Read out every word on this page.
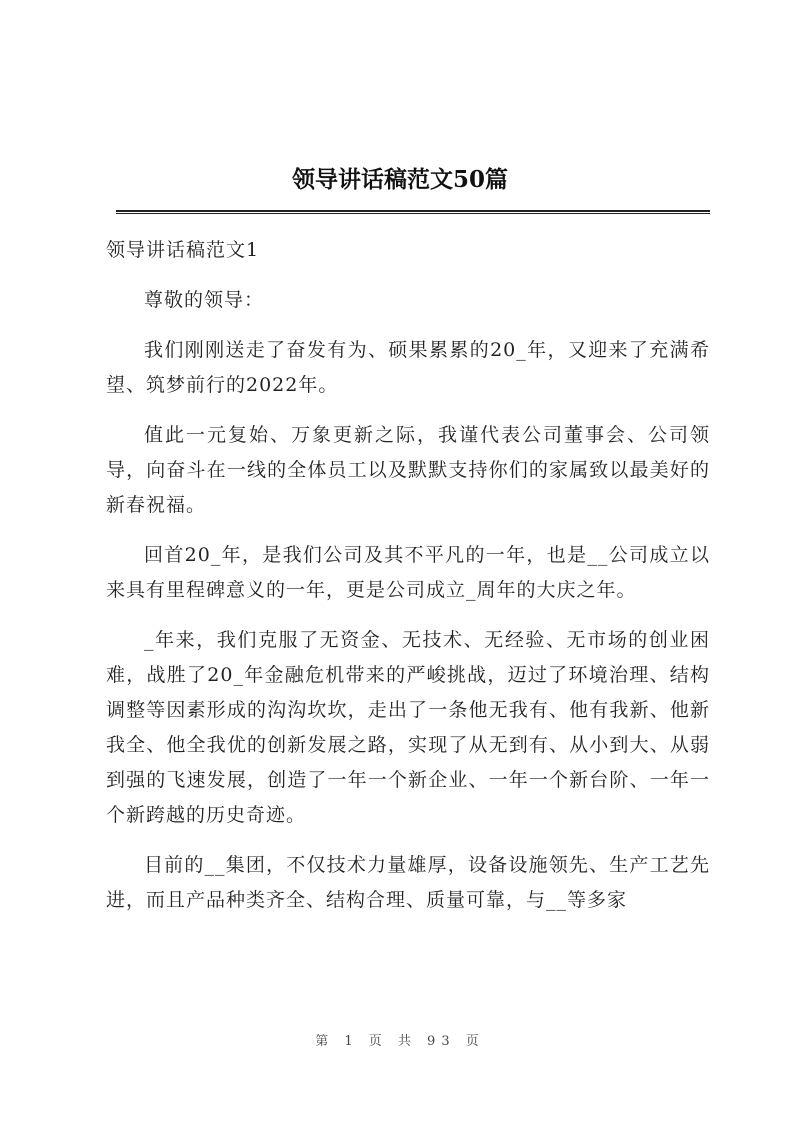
领导讲话稿范文50篇
领导讲话稿范文1

尊敬的领导：

我们刚刚送走了奋发有为、硕果累累的20_年，又迎来了充满希望、筑梦前行的2022年。

值此一元复始、万象更新之际，我谨代表公司董事会、公司领导，向奋斗在一线的全体员工以及默默支持你们的家属致以最美好的新春祝福。

回首20_年，是我们公司及其不平凡的一年，也是__公司成立以来具有里程碑意义的一年，更是公司成立_周年的大庆之年。

_年来，我们克服了无资金、无技术、无经验、无市场的创业困难，战胜了20_年金融危机带来的严峻挑战，迈过了环境治理、结构调整等因素形成的沟沟坎坎，走出了一条他无我有、他有我新、他新我全、他全我优的创新发展之路，实现了从无到有、从小到大、从弱到强的飞速发展，创造了一年一个新企业、一年一个新台阶、一年一个新跨越的历史奇迹。

目前的__集团，不仅技术力量雄厚，设备设施领先、生产工艺先进，而且产品种类齐全、结构合理、质量可靠，与__等多家

第 1 页 共 93 页
